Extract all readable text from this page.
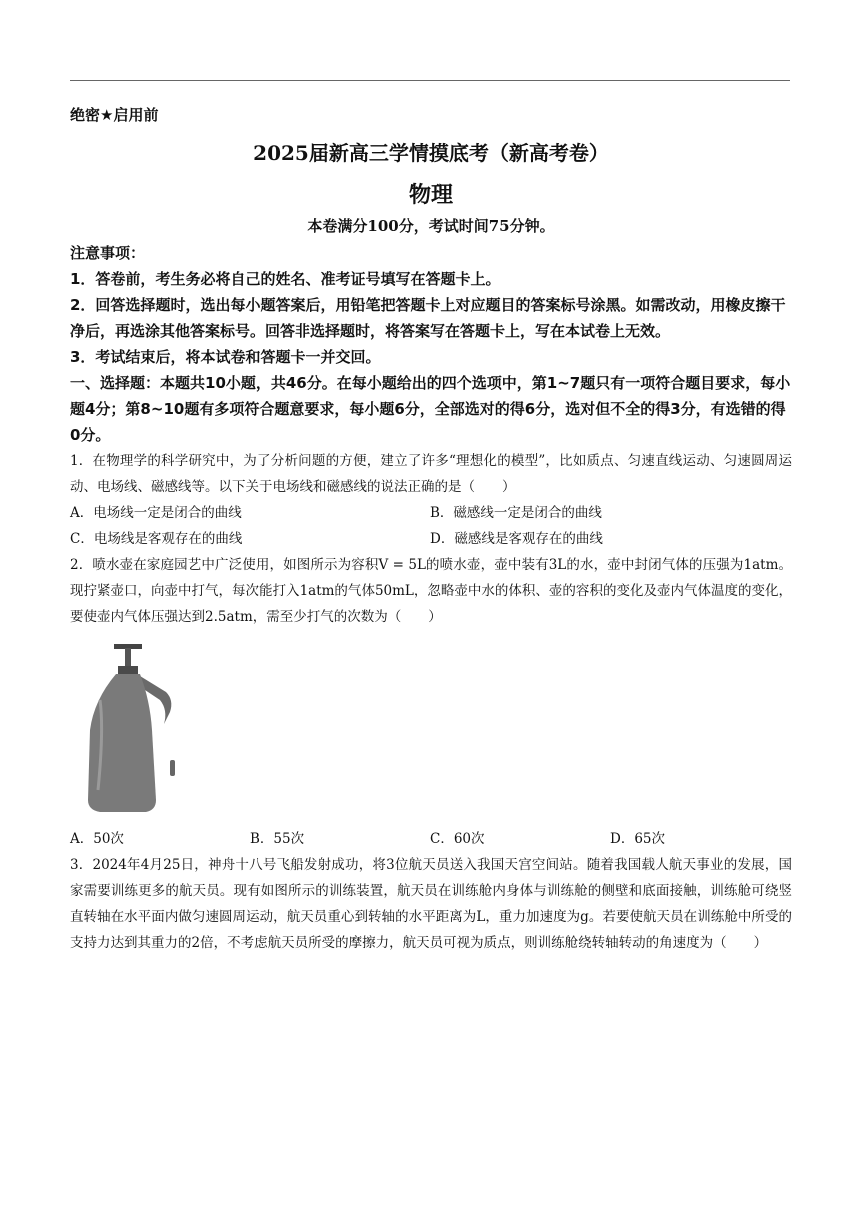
绝密★启用前

2025届新高三学情摸底考（新高考卷）

物理

本卷满分100分，考试时间75分钟。

注意事项：

1．答卷前，考生务必将自己的姓名、准考证号填写在答题卡上。

2．回答选择题时，选出每小题答案后，用铅笔把答题卡上对应题目的答案标号涂黑。如需改动，用橡皮擦干净后，再选涂其他答案标号。回答非选择题时，将答案写在答题卡上，写在本试卷上无效。

3．考试结束后，将本试卷和答题卡一并交回。

一、选择题：本题共10小题，共46分。在每小题给出的四个选项中，第1~7题只有一项符合题目要求，每小题4分；第8~10题有多项符合题意要求，每小题6分，全部选对的得6分，选对但不全的得3分，有选错的得0分。

1．在物理学的科学研究中，为了分析问题的方便，建立了许多“理想化的模型”，比如质点、匀速直线运动、匀速圆周运动、电场线、磁感线等。以下关于电场线和磁感线的说法正确的是（　　）

A．电场线一定是闭合的曲线	B．磁感线一定是闭合的曲线
C．电场线是客观存在的曲线	D．磁感线是客观存在的曲线

2．喷水壶在家庭园艺中广泛使用，如图所示为容积V = 5L的喷水壶，壶中装有3L的水，壶中封闭气体的压强为1atm。现拧紧壶口，向壶中打气，每次能打入1atm的气体50mL，忽略壶中水的体积、壶的容积的变化及壶内气体温度的变化，要使壶内气体压强达到2.5atm，需至少打气的次数为（　　）

A．50次	B．55次	C．60次	D．65次

3．2024年4月25日，神舟十八号飞船发射成功，将3位航天员送入我国天宫空间站。随着我国载人航天事业的发展，国家需要训练更多的航天员。现有如图所示的训练装置，航天员在训练舱内身体与训练舱的侧壁和底面接触，训练舱可绕竖直转轴在水平面内做匀速圆周运动，航天员重心到转轴的水平距离为L，重力加速度为g。若要使航天员在训练舱中所受的支持力达到其重力的2倍，不考虑航天员所受的摩擦力，航天员可视为质点，则训练舱绕转轴转动的角速度为（　　）
